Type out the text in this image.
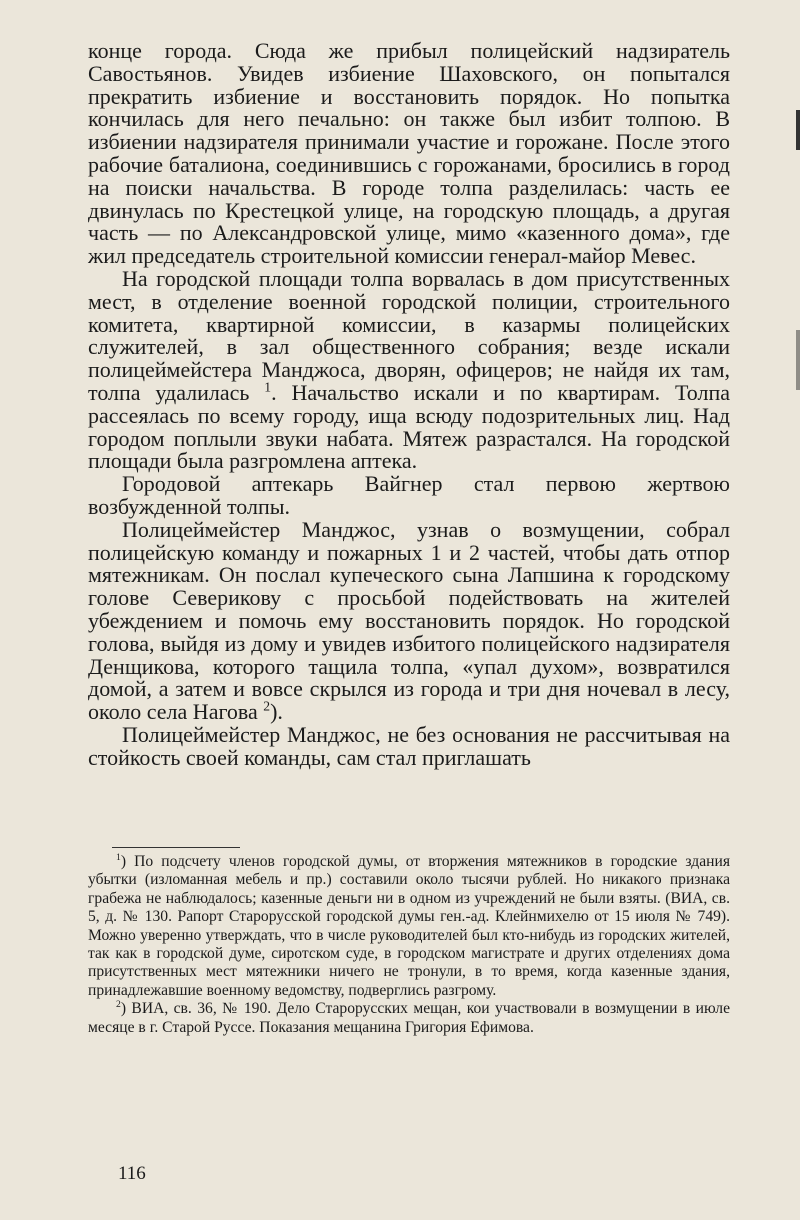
конце города. Сюда же прибыл полицейский надзиратель Савостьянов. Увидев избиение Шаховского, он попытался прекратить избиение и восстановить порядок. Но попытка кончилась для него печально: он также был избит толпою. В избиении надзирателя принимали участие и горожане. После этого рабочие баталиона, соединившись с горожанами, бросились в город на поиски начальства. В городе толпа разделилась: часть ее двинулась по Крестецкой улице, на городскую площадь, а другая часть — по Александровской улице, мимо «казенного дома», где жил председатель строительной комиссии генерал-майор Мевес.

На городской площади толпа ворвалась в дом присутственных мест, в отделение военной городской полиции, строительного комитета, квартирной комиссии, в казармы полицейских служителей, в зал общественного собрания; везде искали полицеймейстера Манджоса, дворян, офицеров; не найдя их там, толпа удалилась $^1$. Начальство искали и по квартирам. Толпа рассеялась по всему городу, ища всюду подозрительных лиц. Над городом поплыли звуки набата. Мятеж разрастался. На городской площади была разгромлена аптека.

Городовой аптекарь Вайгнер стал первою жертвою возбужденной толпы.

Полицеймейстер Манджос, узнав о возмущении, собрал полицейскую команду и пожарных 1 и 2 частей, чтобы дать отпор мятежникам. Он послал купеческого сына Лапшина к городскому голове Северикову с просьбой подействовать на жителей убеждением и помочь ему восстановить порядок. Но городской голова, выйдя из дому и увидев избитого полицейского надзирателя Денщикова, которого тащила толпа, «упал духом», возвратился домой, а затем и вовсе скрылся из города и три дня ночевал в лесу, около села Нагова $^2$).

Полицеймейстер Манджос, не без основания не рассчитывая на стойкость своей команды, сам стал приглашать

$^1$) По подсчету членов городской думы, от вторжения мятежников в городские здания убытки (изломанная мебель и пр.) составили около тысячи рублей. Но никакого признака грабежа не наблюдалось; казенные деньги ни в одном из учреждений не были взяты. (ВИА, св. 5, д. № 130. Рапорт Старорусской городской думы ген.-ад. Клейнмихелю от 15 июля № 749). Можно уверенно утверждать, что в числе руководителей был кто-нибудь из городских жителей, так как в городской думе, сиротском суде, в городском магистрате и других отделениях дома присутственных мест мятежники ничего не тронули, в то время, когда казенные здания, принадлежавшие военному ведомству, подверглись разгрому.

$^2$) ВИА, св. 36, № 190. Дело Старорусских мещан, кои участвовали в возмущении в июле месяце в г. Старой Руссе. Показания мещанина Григория Ефимова.

116
